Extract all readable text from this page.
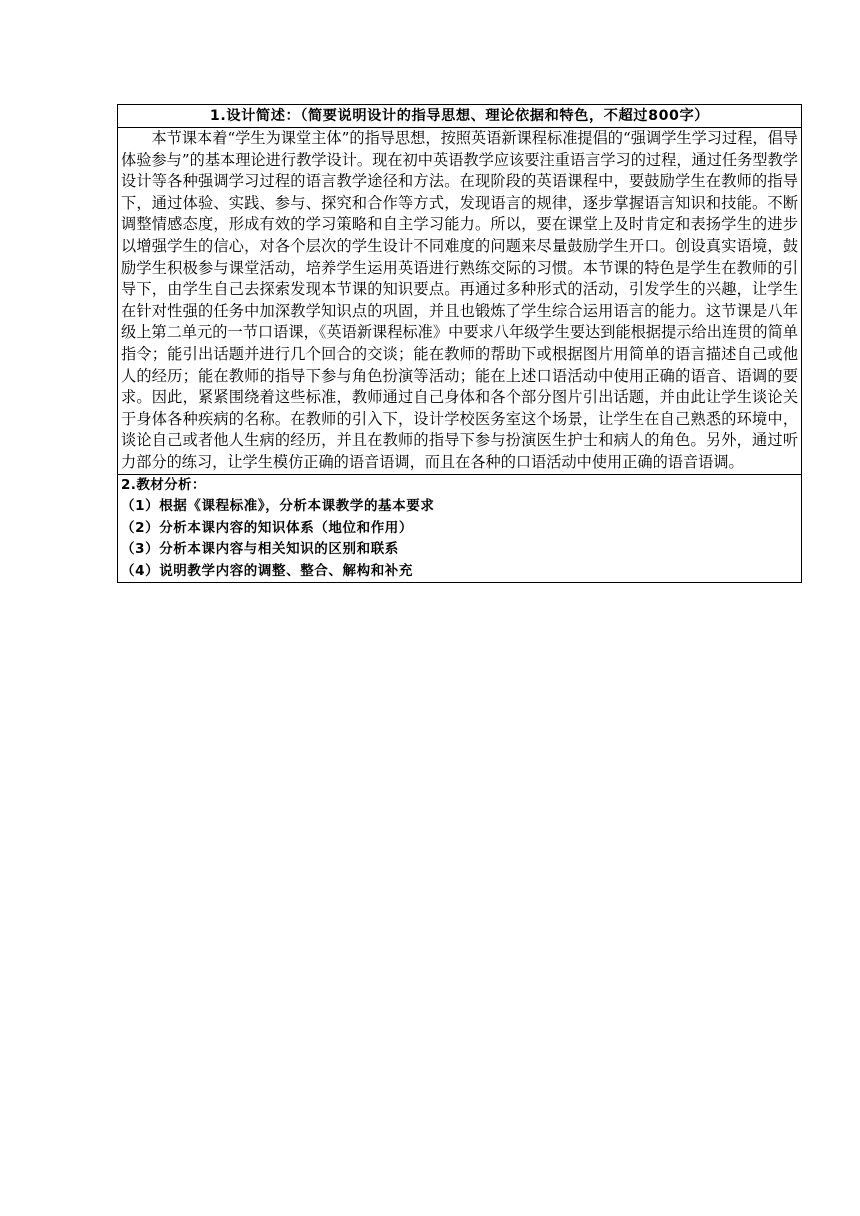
1.设计简述：（简要说明设计的指导思想、理论依据和特色，不超过800字）

本节课本着“学生为课堂主体”的指导思想，按照英语新课程标准提倡的“强调学生学习过程，倡导体验参与”的基本理论进行教学设计。现在初中英语教学应该要注重语言学习的过程，通过任务型教学设计等各种强调学习过程的语言教学途径和方法。在现阶段的英语课程中，要鼓励学生在教师的指导下，通过体验、实践、参与、探究和合作等方式，发现语言的规律，逐步掌握语言知识和技能。不断调整情感态度，形成有效的学习策略和自主学习能力。所以，要在课堂上及时肯定和表扬学生的进步以增强学生的信心，对各个层次的学生设计不同难度的问题来尽量鼓励学生开口。创设真实语境，鼓励学生积极参与课堂活动，培养学生运用英语进行熟练交际的习惯。本节课的特色是学生在教师的引导下，由学生自己去探索发现本节课的知识要点。再通过多种形式的活动，引发学生的兴趣，让学生在针对性强的任务中加深教学知识点的巩固，并且也锻炼了学生综合运用语言的能力。这节课是八年级上第二单元的一节口语课，《英语新课程标准》中要求八年级学生要达到能根据提示给出连贯的简单指令；能引出话题并进行几个回合的交谈；能在教师的帮助下或根据图片用简单的语言描述自己或他人的经历；能在教师的指导下参与角色扮演等活动；能在上述口语活动中使用正确的语音、语调的要求。因此，紧紧围绕着这些标准，教师通过自己身体和各个部分图片引出话题，并由此让学生谈论关于身体各种疾病的名称。在教师的引入下，设计学校医务室这个场景，让学生在自己熟悉的环境中，谈论自己或者他人生病的经历，并且在教师的指导下参与扮演医生护士和病人的角色。另外，通过听力部分的练习，让学生模仿正确的语音语调，而且在各种的口语活动中使用正确的语音语调。

2.教材分析：
（1）根据《课程标准》，分析本课教学的基本要求
（2）分析本课内容的知识体系（地位和作用）
（3）分析本课内容与相关知识的区别和联系
（4）说明教学内容的调整、整合、解构和补充
